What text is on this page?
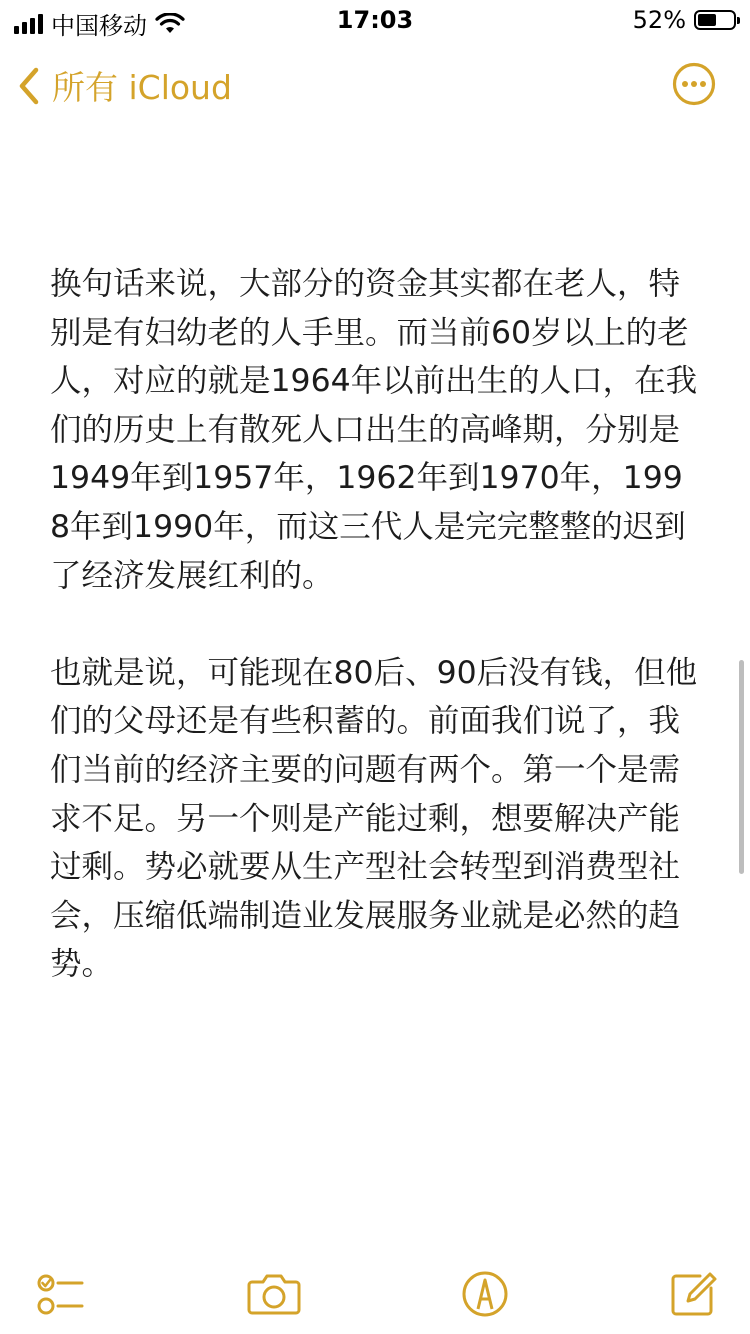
中国移动	17:03	52%
所有 iCloud

换句话来说，大部分的资金其实都在老人，特别是有妇幼老的人手里。而当前60岁以上的老人，对应的就是1964年以前出生的人口，在我们的历史上有散死人口出生的高峰期，分别是1949年到1957年，1962年到1970年，1998年到1990年，而这三代人是完完整整的迟到了经济发展红利的。

也就是说，可能现在80后、90后没有钱，但他们的父母还是有些积蓄的。前面我们说了，我们当前的经济主要的问题有两个。第一个是需求不足。另一个则是产能过剩，想要解决产能过剩。势必就要从生产型社会转型到消费型社会，压缩低端制造业发展服务业就是必然的趋势。
